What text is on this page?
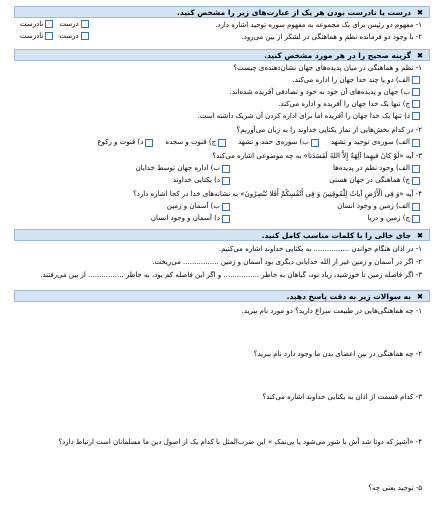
✖
درست یا نادرست بودن هر یک از عبارت‌های زیر را مشخص کنید.
۱- مفهوم دو رئیس برای یک مجموعه به مفهوم سوره توحید اشاره دارد.
درست
نادرست
۲- با وجود دو فرمانده نظم و هماهنگی در لشکر از بین می‌رود.
درست
نادرست
✖
گزینه صحیح را در هر مورد مشخص کنید.
۱- نظم و هماهنگی در میان پدیده‌های جهان نشان‌دهنده‌ی چیست؟
الف) دو یا چند خدا جهان را اداره می‌کند.
ب) جهان و پدیده‌های آن خود به خود و تصادفی آفریده شده‌اند.
ج) تنها یک خدا جهان را آفریده و اداره می‌کند.
د) تنها یک خدا جهان را آفریده اما برای اداره کردن آن شریک داشته است.
۲- در کدام بخش‌هایی از نماز یکتایی خداوند را به زبان می‌آوریم؟
الف) سوره‌ی توحید و تشهد
ب) سوره‌ی حمد و تشهد
ج) قنوت و سجده
د) قنوت و رکوع
۳- آیه «لَوْ کانَ فیهِما آلِهَةٌ إِلاَّ اللهُ لَفَسَدَتا» به چه موضوعی اشاره می‌کند؟
الف) وجود نظم در پدیده‌ها
ب) اداره جهان توسط خدایان
ج) هماهنگی در جهان هستی
د) یکتایی خداوند
۴- آیه «وَ فِی الْأَرْضِ آیاتٌ لِلْمُوقِنِینَ وَ فِی أَنْفُسِکُمْ أَفَلا تُبْصِرُونَ» به نشانه‌های خدا در کجا اشاره دارد؟
الف) زمین و وجود انسان
ب) آسمان و زمین
ج) زمین و دریا
د) آسمان و وجود انسان
✖
جای خالی را با کلمات مناسب کامل کنید.
۱- در اذان هنگام خواندن ................ به یکتایی خداوند اشاره می‌کنیم.
۲- اگر در آسمان و زمین غیر از الله خدایانی دیگری بود آسمان و زمین ................ می‌ریخت.
۳- اگر فاصله زمین تا خورشید، زیاد بود، گیاهان به خاطر ................ و اگر این فاصله کم بود، به خاطر ................ از بین می‌رفتند.
✖
به سوالات زیر به دقت پاسخ دهید.
۱- چه هماهنگی‌هایی در طبیعت سراغ دارید؟ دو مورد نام ببرید.
۲- چه هماهنگی در بین اعضای بدن ما وجود دارد نام ببرید؟
۳- کدام قسمت از اذان به یکتایی خداوند اشاره می‌کند؟
۴- «آشپز که دوتا شد آش یا شور می‌شود یا بی‌نمک » این ضرب‌المثل با کدام یک از اصول دین ما مسلمانان است ارتباط دارد؟
۵- توحید یعنی چه؟
